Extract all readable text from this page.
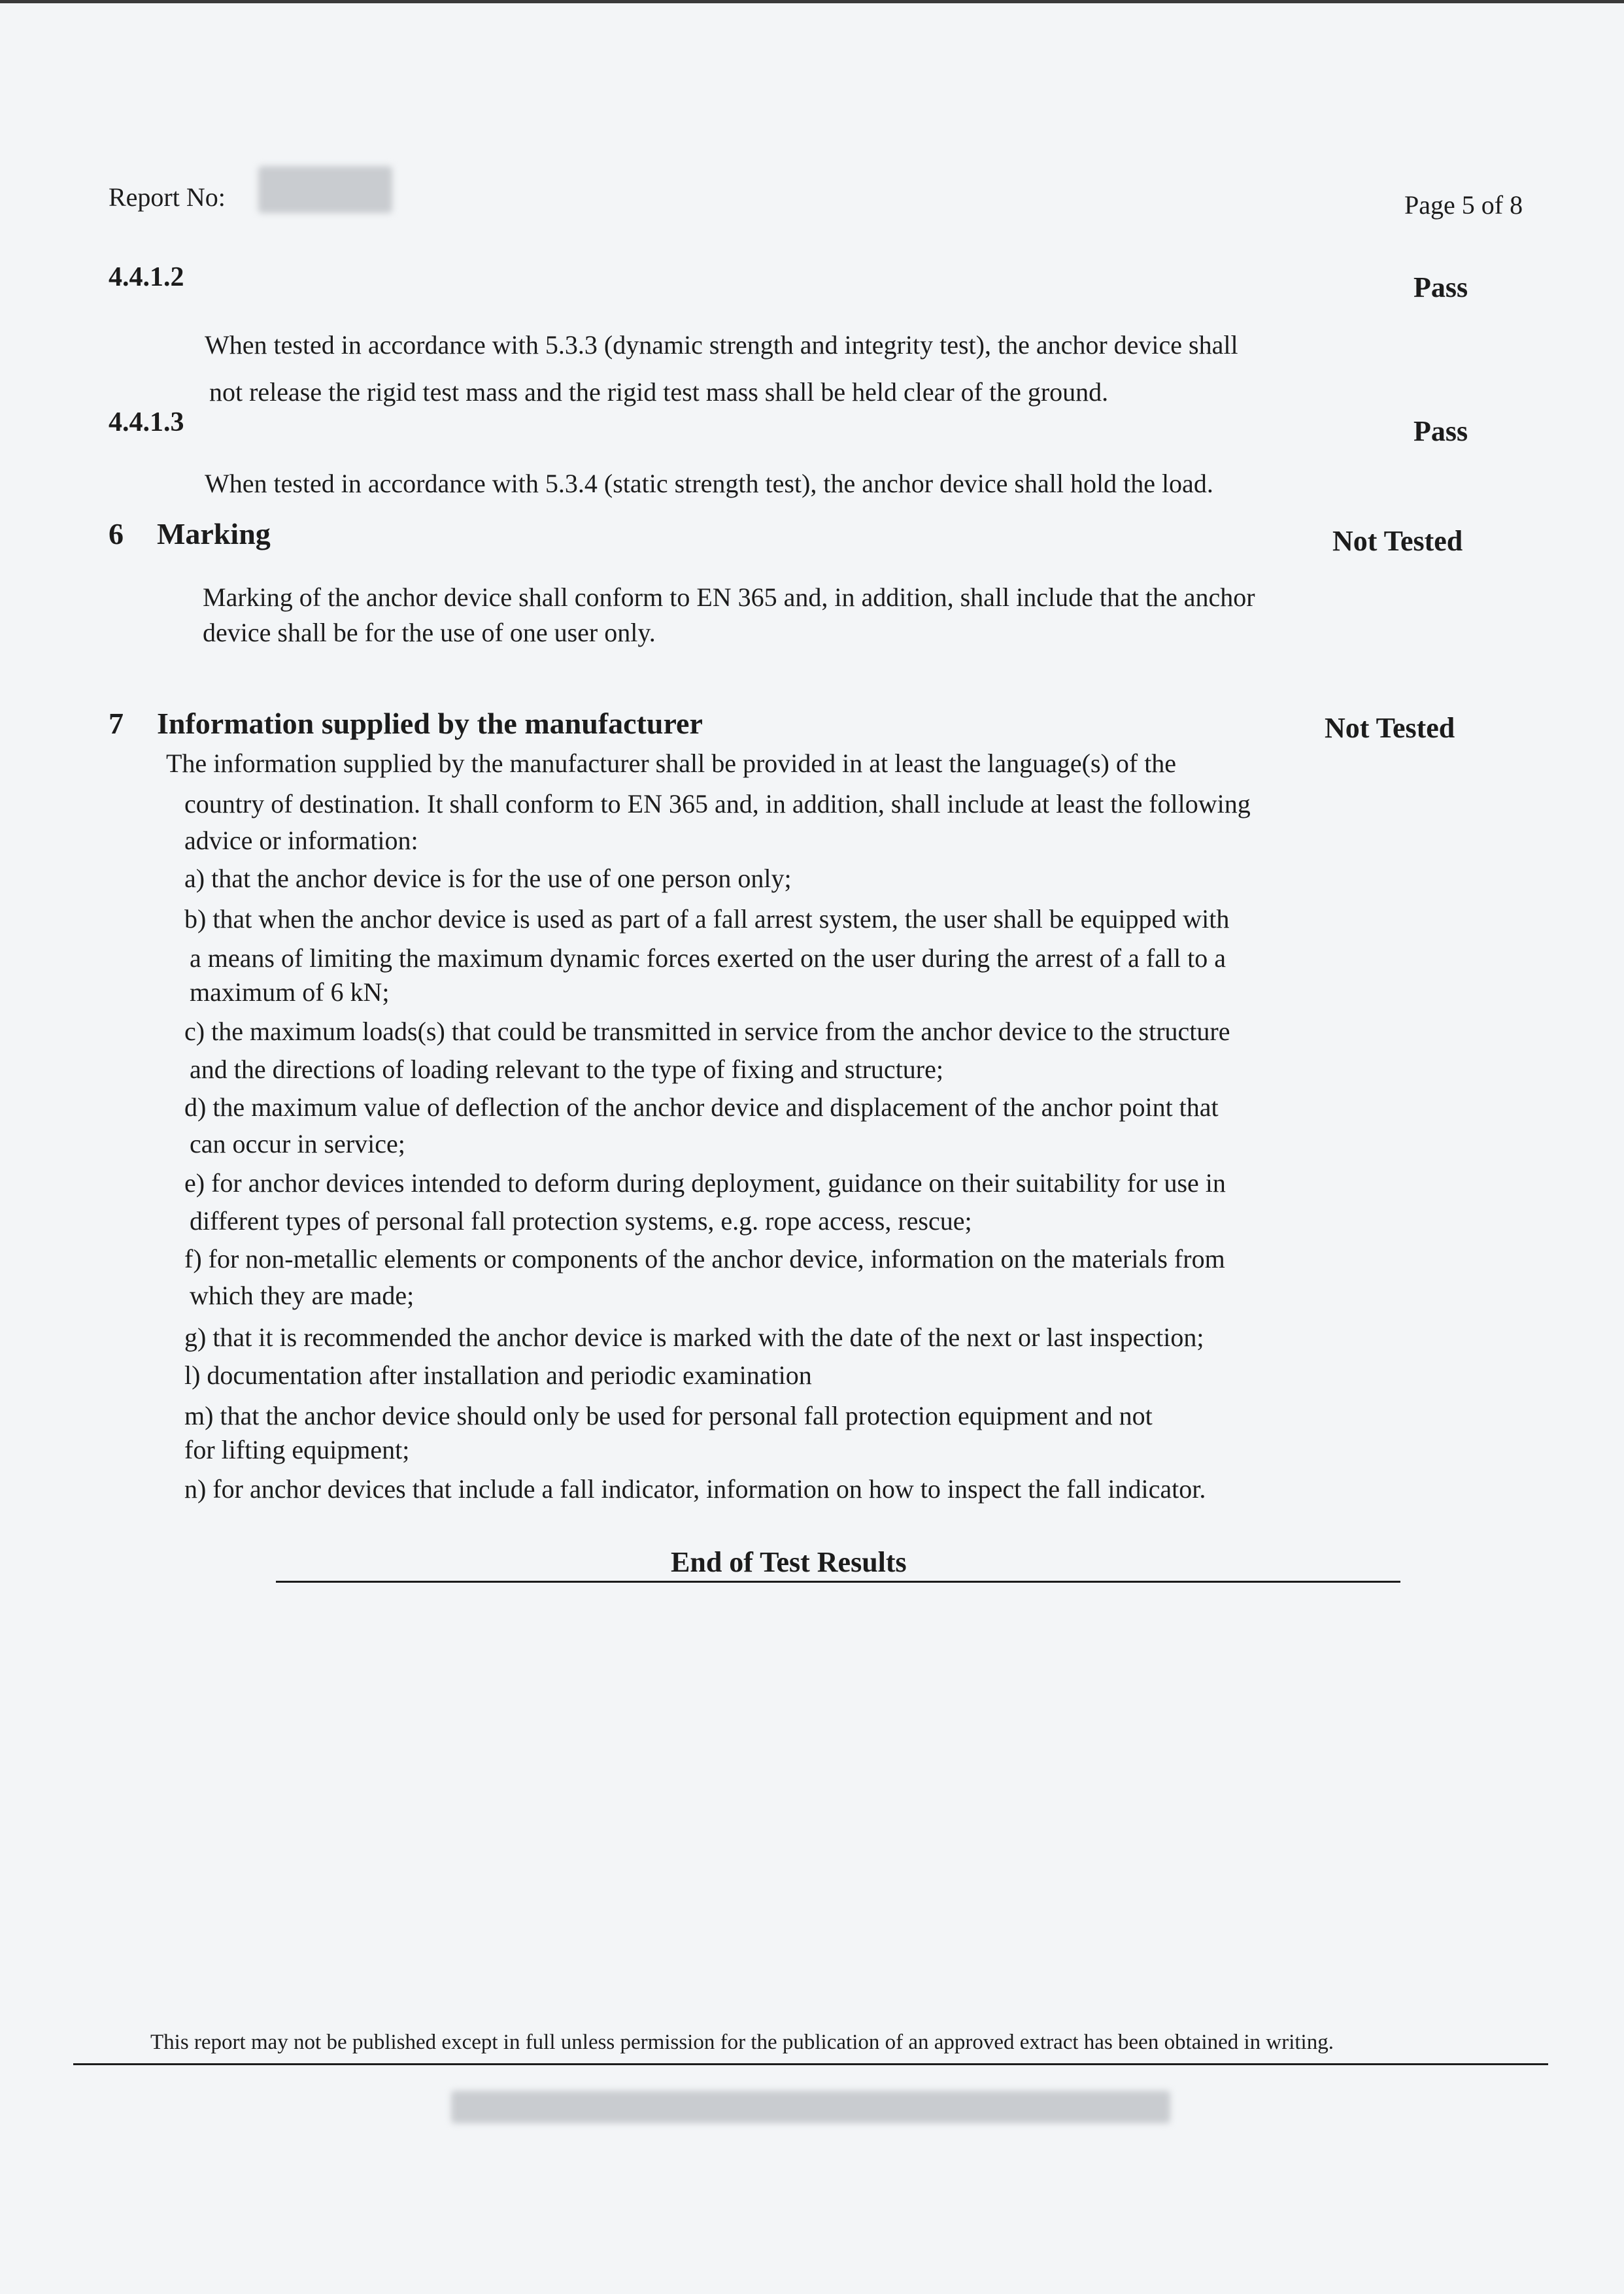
Report No:	Page 5 of 8
4.4.1.2	Pass
When tested in accordance with 5.3.3 (dynamic strength and integrity test), the anchor device shall
not release the rigid test mass and the rigid test mass shall be held clear of the ground.
4.4.1.3	Pass
When tested in accordance with 5.3.4 (static strength test), the anchor device shall hold the load.
6 Marking	Not Tested
Marking of the anchor device shall conform to EN 365 and, in addition, shall include that the anchor
device shall be for the use of one user only.
7 Information supplied by the manufacturer	Not Tested
The information supplied by the manufacturer shall be provided in at least the language(s) of the
country of destination. It shall conform to EN 365 and, in addition, shall include at least the following
advice or information:
a) that the anchor device is for the use of one person only;
b) that when the anchor device is used as part of a fall arrest system, the user shall be equipped with
a means of limiting the maximum dynamic forces exerted on the user during the arrest of a fall to a
maximum of 6 kN;
c) the maximum loads(s) that could be transmitted in service from the anchor device to the structure
and the directions of loading relevant to the type of fixing and structure;
d) the maximum value of deflection of the anchor device and displacement of the anchor point that
can occur in service;
e) for anchor devices intended to deform during deployment, guidance on their suitability for use in
different types of personal fall protection systems, e.g. rope access, rescue;
f) for non-metallic elements or components of the anchor device, information on the materials from
which they are made;
g) that it is recommended the anchor device is marked with the date of the next or last inspection;
l) documentation after installation and periodic examination
m) that the anchor device should only be used for personal fall protection equipment and not
for lifting equipment;
n) for anchor devices that include a fall indicator, information on how to inspect the fall indicator.
End of Test Results
This report may not be published except in full unless permission for the publication of an approved extract has been obtained in writing.
